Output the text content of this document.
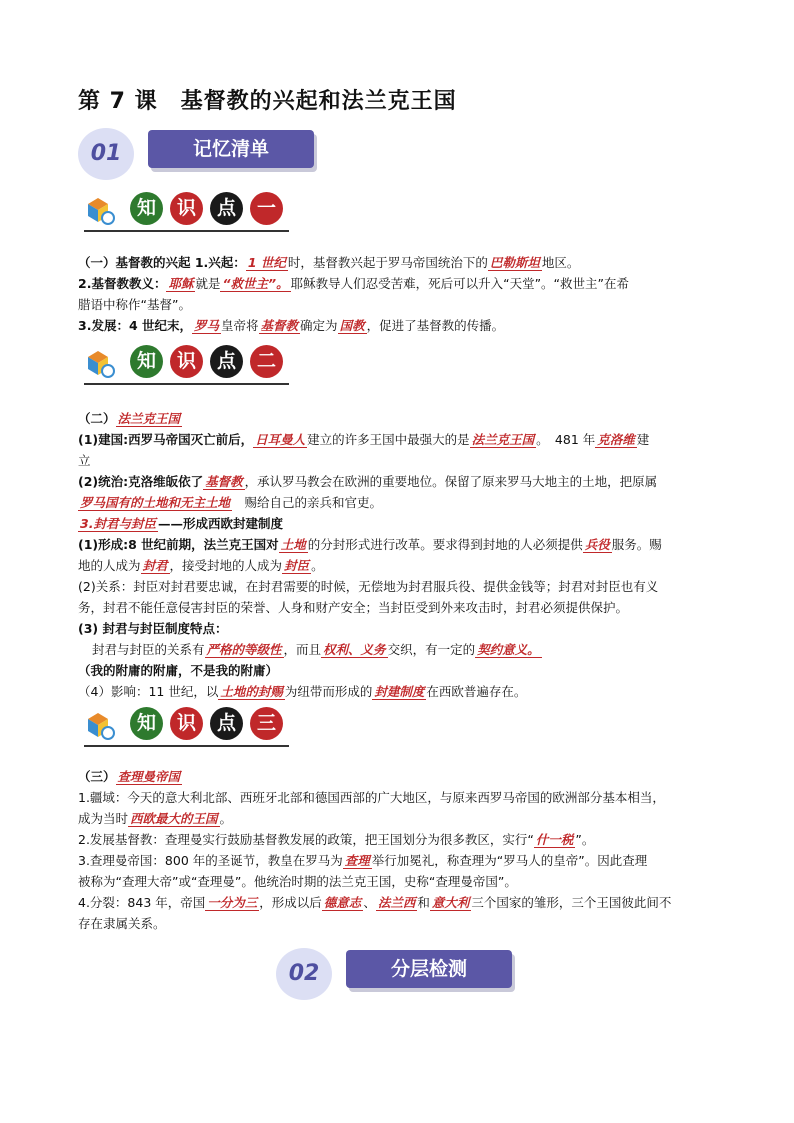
第 7 课　基督教的兴起和法兰克王国
01	记忆清单
知	识	点	一
（一）基督教的兴起 1.兴起： 1 世纪 时，基督教兴起于罗马帝国统治下的 巴勒斯坦 地区。
2.基督教教义： 耶稣 就是 “救世主”。 耶稣教导人们忍受苦难，死后可以升入“天堂”。“救世主”在希
腊语中称作“基督”。
3.发展：4 世纪末， 罗马 皇帝将 基督教 确定为 国教 ，促进了基督教的传播。
知	识	点	二
（二） 法兰克王国
(1)建国:西罗马帝国灭亡前后， 日耳曼人 建立的许多王国中最强大的是 法兰克王国 。　481 年 克洛维 建
立
(2)统治:克洛维皈依了 基督教 ，承认罗马教会在欧洲的重要地位。保留了原来罗马大地主的土地，把原属
罗马国有的土地和无主土地　 赐给自己的亲兵和官吏。
3.封君与封臣 ——形成西欧封建制度
(1)形成:8 世纪前期，法兰克王国对 土地 的分封形式进行改革。要求得到封地的人必须提供 兵役 服务。赐
地的人成为 封君 ，接受封地的人成为 封臣 。
(2)关系：封臣对封君要忠诚，在封君需要的时候，无偿地为封君服兵役、提供金钱等；封君对封臣也有义
务，封君不能任意侵害封臣的荣誉、人身和财产安全；当封臣受到外来攻击时，封君必须提供保护。
(3) 封君与封臣制度特点：
封君与封臣的关系有 严格的等级性 ，而且 权利、义务 交织，有一定的 契约意义。
（我的附庸的附庸，不是我的附庸）
（4）影响：11 世纪，以 土地的封赐 为纽带而形成的 封建制度 在西欧普遍存在。
知	识	点	三
（三） 查理曼帝国
1.疆域：今天的意大利北部、西班牙北部和德国西部的广大地区，与原来西罗马帝国的欧洲部分基本相当，
成为当时 西欧最大的王国 。
2.发展基督教：查理曼实行鼓励基督教发展的政策，把王国划分为很多教区，实行“ 什一税 ”。
3.查理曼帝国：800 年的圣诞节，教皇在罗马为 查理 举行加冕礼，称查理为“罗马人的皇帝”。因此查理
被称为“查理大帝”或“查理曼”。他统治时期的法兰克王国，史称“查理曼帝国”。
4.分裂：843 年，帝国 一分为三 ，形成以后 德意志 、 法兰西 和 意大利 三个国家的雏形，三个王国彼此间不
存在隶属关系。
02	分层检测
